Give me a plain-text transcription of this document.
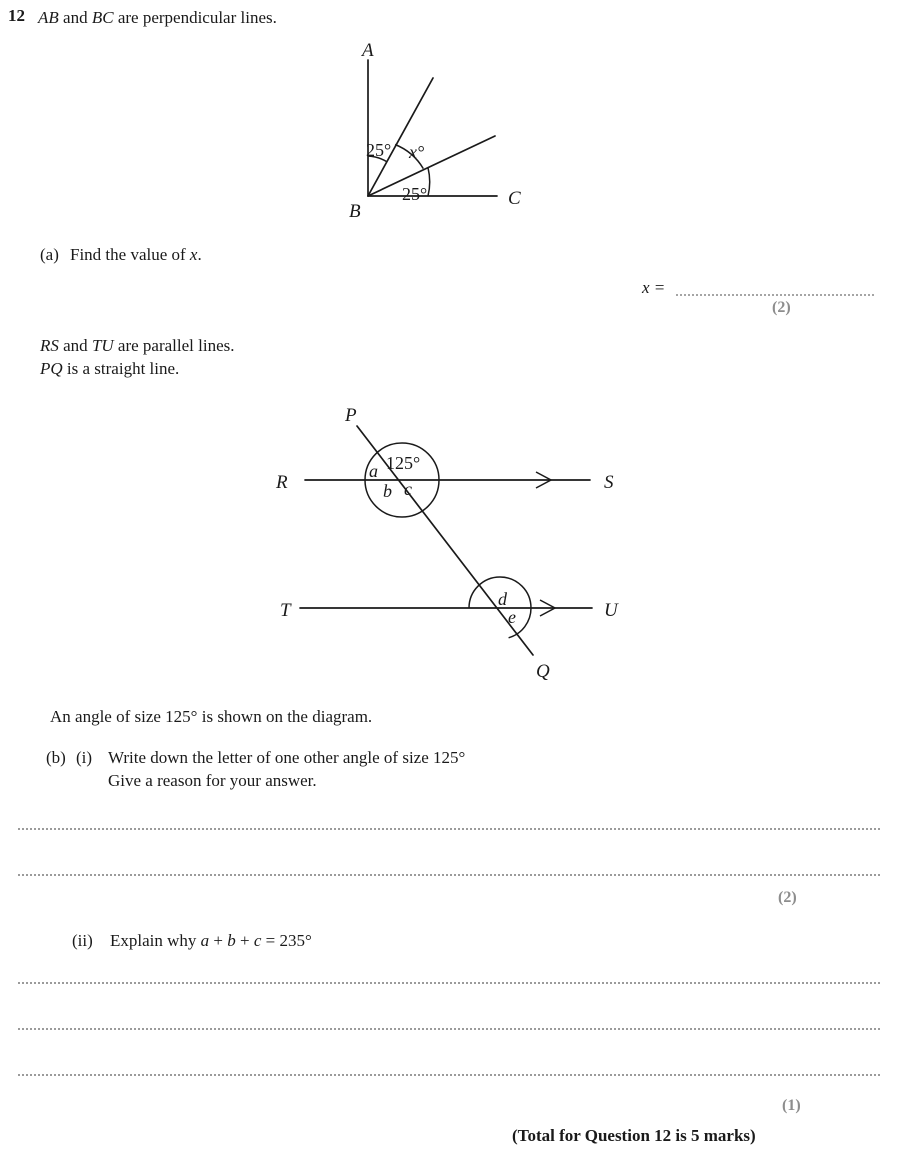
12 AB and BC are perpendicular lines.
A
B
C
25°
25°
x°
(a) Find the value of x.
x =
(2)
RS and TU are parallel lines.
PQ is a straight line.
P
Q
R	S
T	U
125°
a
b c
d
e
An angle of size 125° is shown on the diagram.
(b) (i) Write down the letter of one other angle of size 125°
Give a reason for your answer.
(2)
(ii) Explain why a + b + c = 235°
(1)
(Total for Question 12 is 5 marks)
